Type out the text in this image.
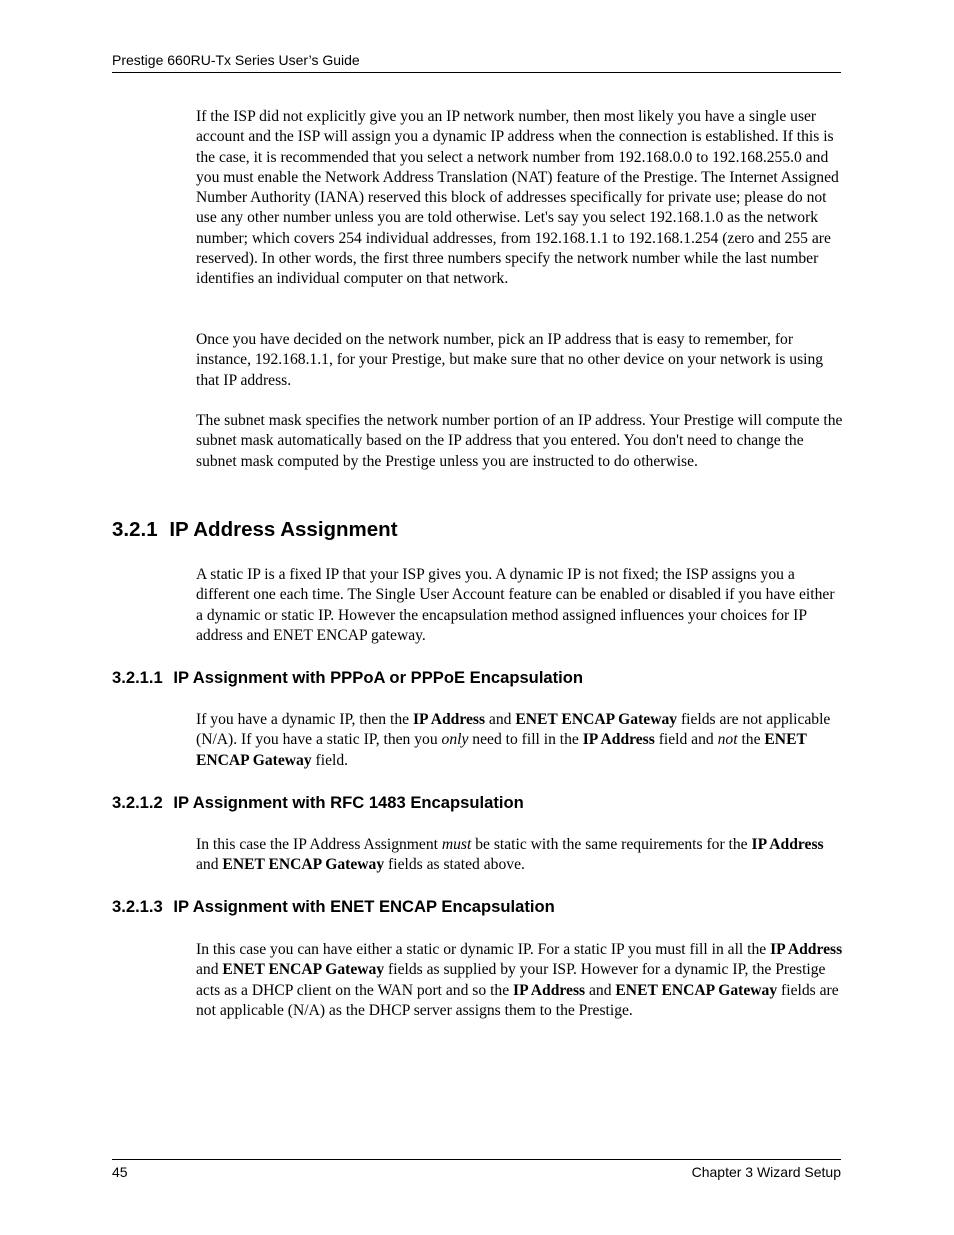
Prestige 660RU-Tx Series User’s Guide

If the ISP did not explicitly give you an IP network number, then most likely you have a single user account and the ISP will assign you a dynamic IP address when the connection is established. If this is the case, it is recommended that you select a network number from 192.168.0.0 to 192.168.255.0 and you must enable the Network Address Translation (NAT) feature of the Prestige. The Internet Assigned Number Authority (IANA) reserved this block of addresses specifically for private use; please do not use any other number unless you are told otherwise. Let's say you select 192.168.1.0 as the network number; which covers 254 individual addresses, from 192.168.1.1 to 192.168.1.254 (zero and 255 are reserved). In other words, the first three numbers specify the network number while the last number identifies an individual computer on that network.

Once you have decided on the network number, pick an IP address that is easy to remember, for instance, 192.168.1.1, for your Prestige, but make sure that no other device on your network is using that IP address.

The subnet mask specifies the network number portion of an IP address. Your Prestige will compute the subnet mask automatically based on the IP address that you entered. You don't need to change the subnet mask computed by the Prestige unless you are instructed to do otherwise.

3.2.1 IP Address Assignment

A static IP is a fixed IP that your ISP gives you. A dynamic IP is not fixed; the ISP assigns you a different one each time. The Single User Account feature can be enabled or disabled if you have either a dynamic or static IP. However the encapsulation method assigned influences your choices for IP address and ENET ENCAP gateway.

3.2.1.1 IP Assignment with PPPoA or PPPoE Encapsulation

If you have a dynamic IP, then the IP Address and ENET ENCAP Gateway fields are not applicable (N/A). If you have a static IP, then you only need to fill in the IP Address field and not the ENET ENCAP Gateway field.

3.2.1.2 IP Assignment with RFC 1483 Encapsulation

In this case the IP Address Assignment must be static with the same requirements for the IP Address and ENET ENCAP Gateway fields as stated above.

3.2.1.3 IP Assignment with ENET ENCAP Encapsulation

In this case you can have either a static or dynamic IP. For a static IP you must fill in all the IP Address and ENET ENCAP Gateway fields as supplied by your ISP. However for a dynamic IP, the Prestige acts as a DHCP client on the WAN port and so the IP Address and ENET ENCAP Gateway fields are not applicable (N/A) as the DHCP server assigns them to the Prestige.

45	Chapter 3 Wizard Setup
